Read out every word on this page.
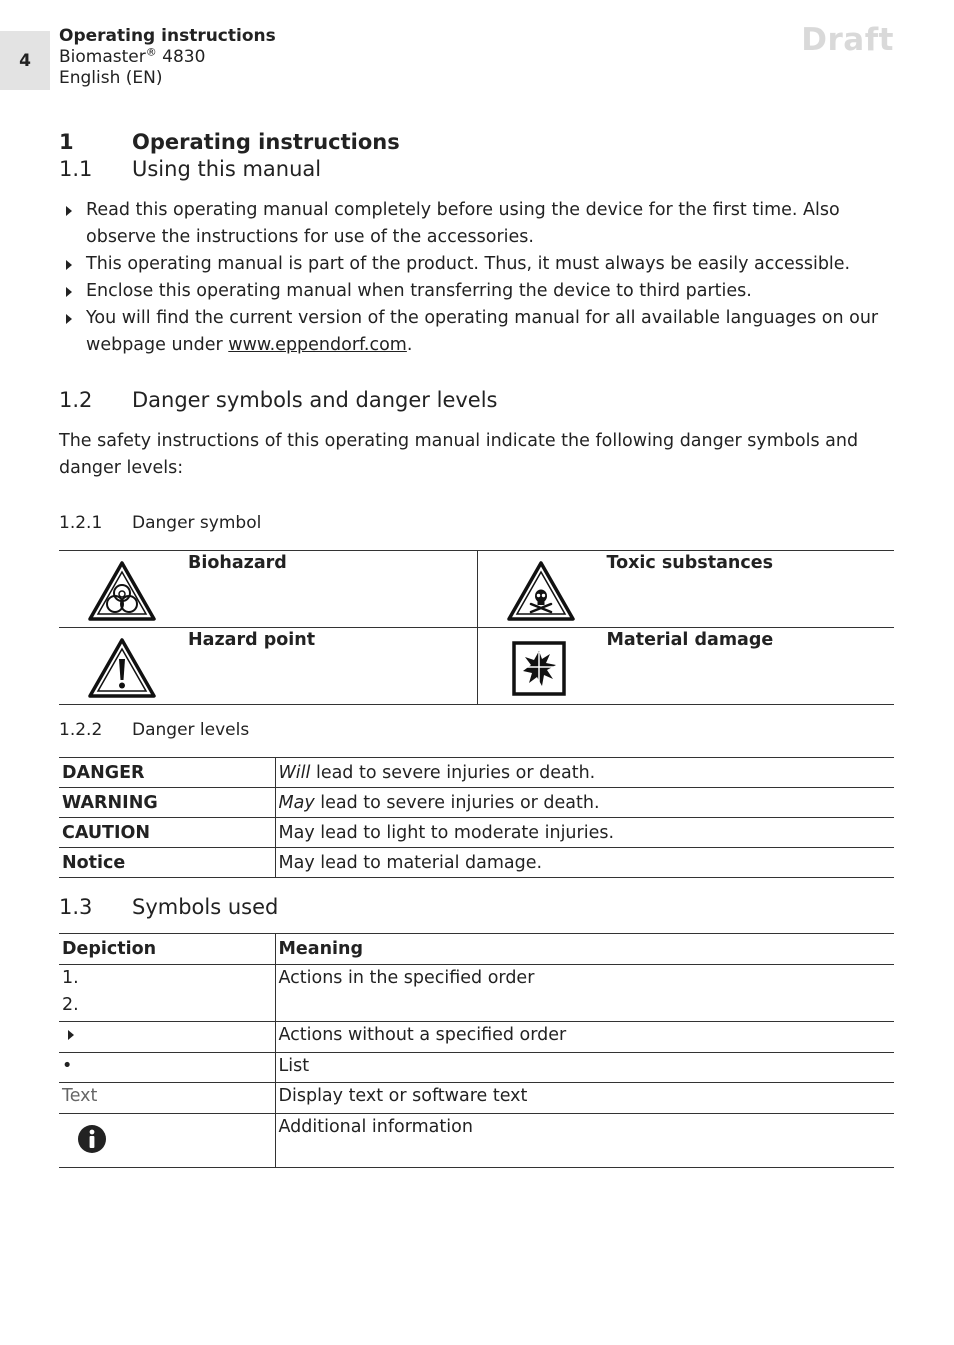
4
Operating instructions
Biomaster® 4830
English (EN)
Draft
1	Operating instructions
1.1 Using this manual
Read this operating manual completely before using the device for the first time. Also observe the instructions for use of the accessories.
This operating manual is part of the product. Thus, it must always be easily accessible.
Enclose this operating manual when transferring the device to third parties.
You will find the current version of the operating manual for all available languages on our webpage under www.eppendorf.com.
1.2 Danger symbols and danger levels
The safety instructions of this operating manual indicate the following danger symbols and danger levels:
1.2.1 Danger symbol
Biohazard	Toxic substances
Hazard point	Material damage
1.2.2 Danger levels
DANGER	Will lead to severe injuries or death.
WARNING	May lead to severe injuries or death.
CAUTION	May lead to light to moderate injuries.
Notice	May lead to material damage.
1.3 Symbols used
Depiction	Meaning

1.
2.	Actions in the specified order
	Actions without a specified order
•	List
Text	Display text or software text
	Additional information
